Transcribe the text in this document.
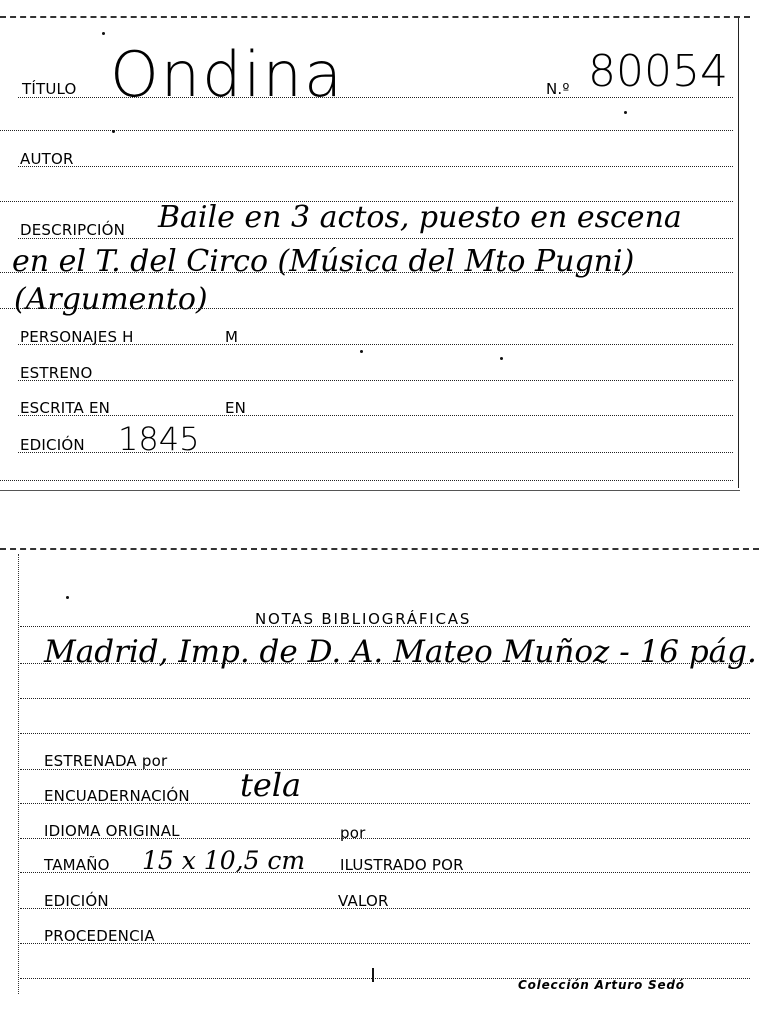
TÍTULO Ondina	N.º 80054
AUTOR
DESCRIPCIÓN Baile en 3 actos, puesto en escena
en el T. del Circo (Música del Mto Pugni)
(Argumento)
PERSONAJES H	M
ESTRENO
ESCRITA EN	EN
EDICIÓN 1845
NOTAS BIBLIOGRÁFICAS
Madrid, Imp. de D. A. Mateo Muñoz - 16 pág.
ESTRENADA por
ENCUADERNACIÓN tela
IDIOMA ORIGINAL	por
TAMAÑO 15 x 10,5 cm ILUSTRADO POR
EDICIÓN	VALOR
PROCEDENCIA
Colección Arturo Sedó
